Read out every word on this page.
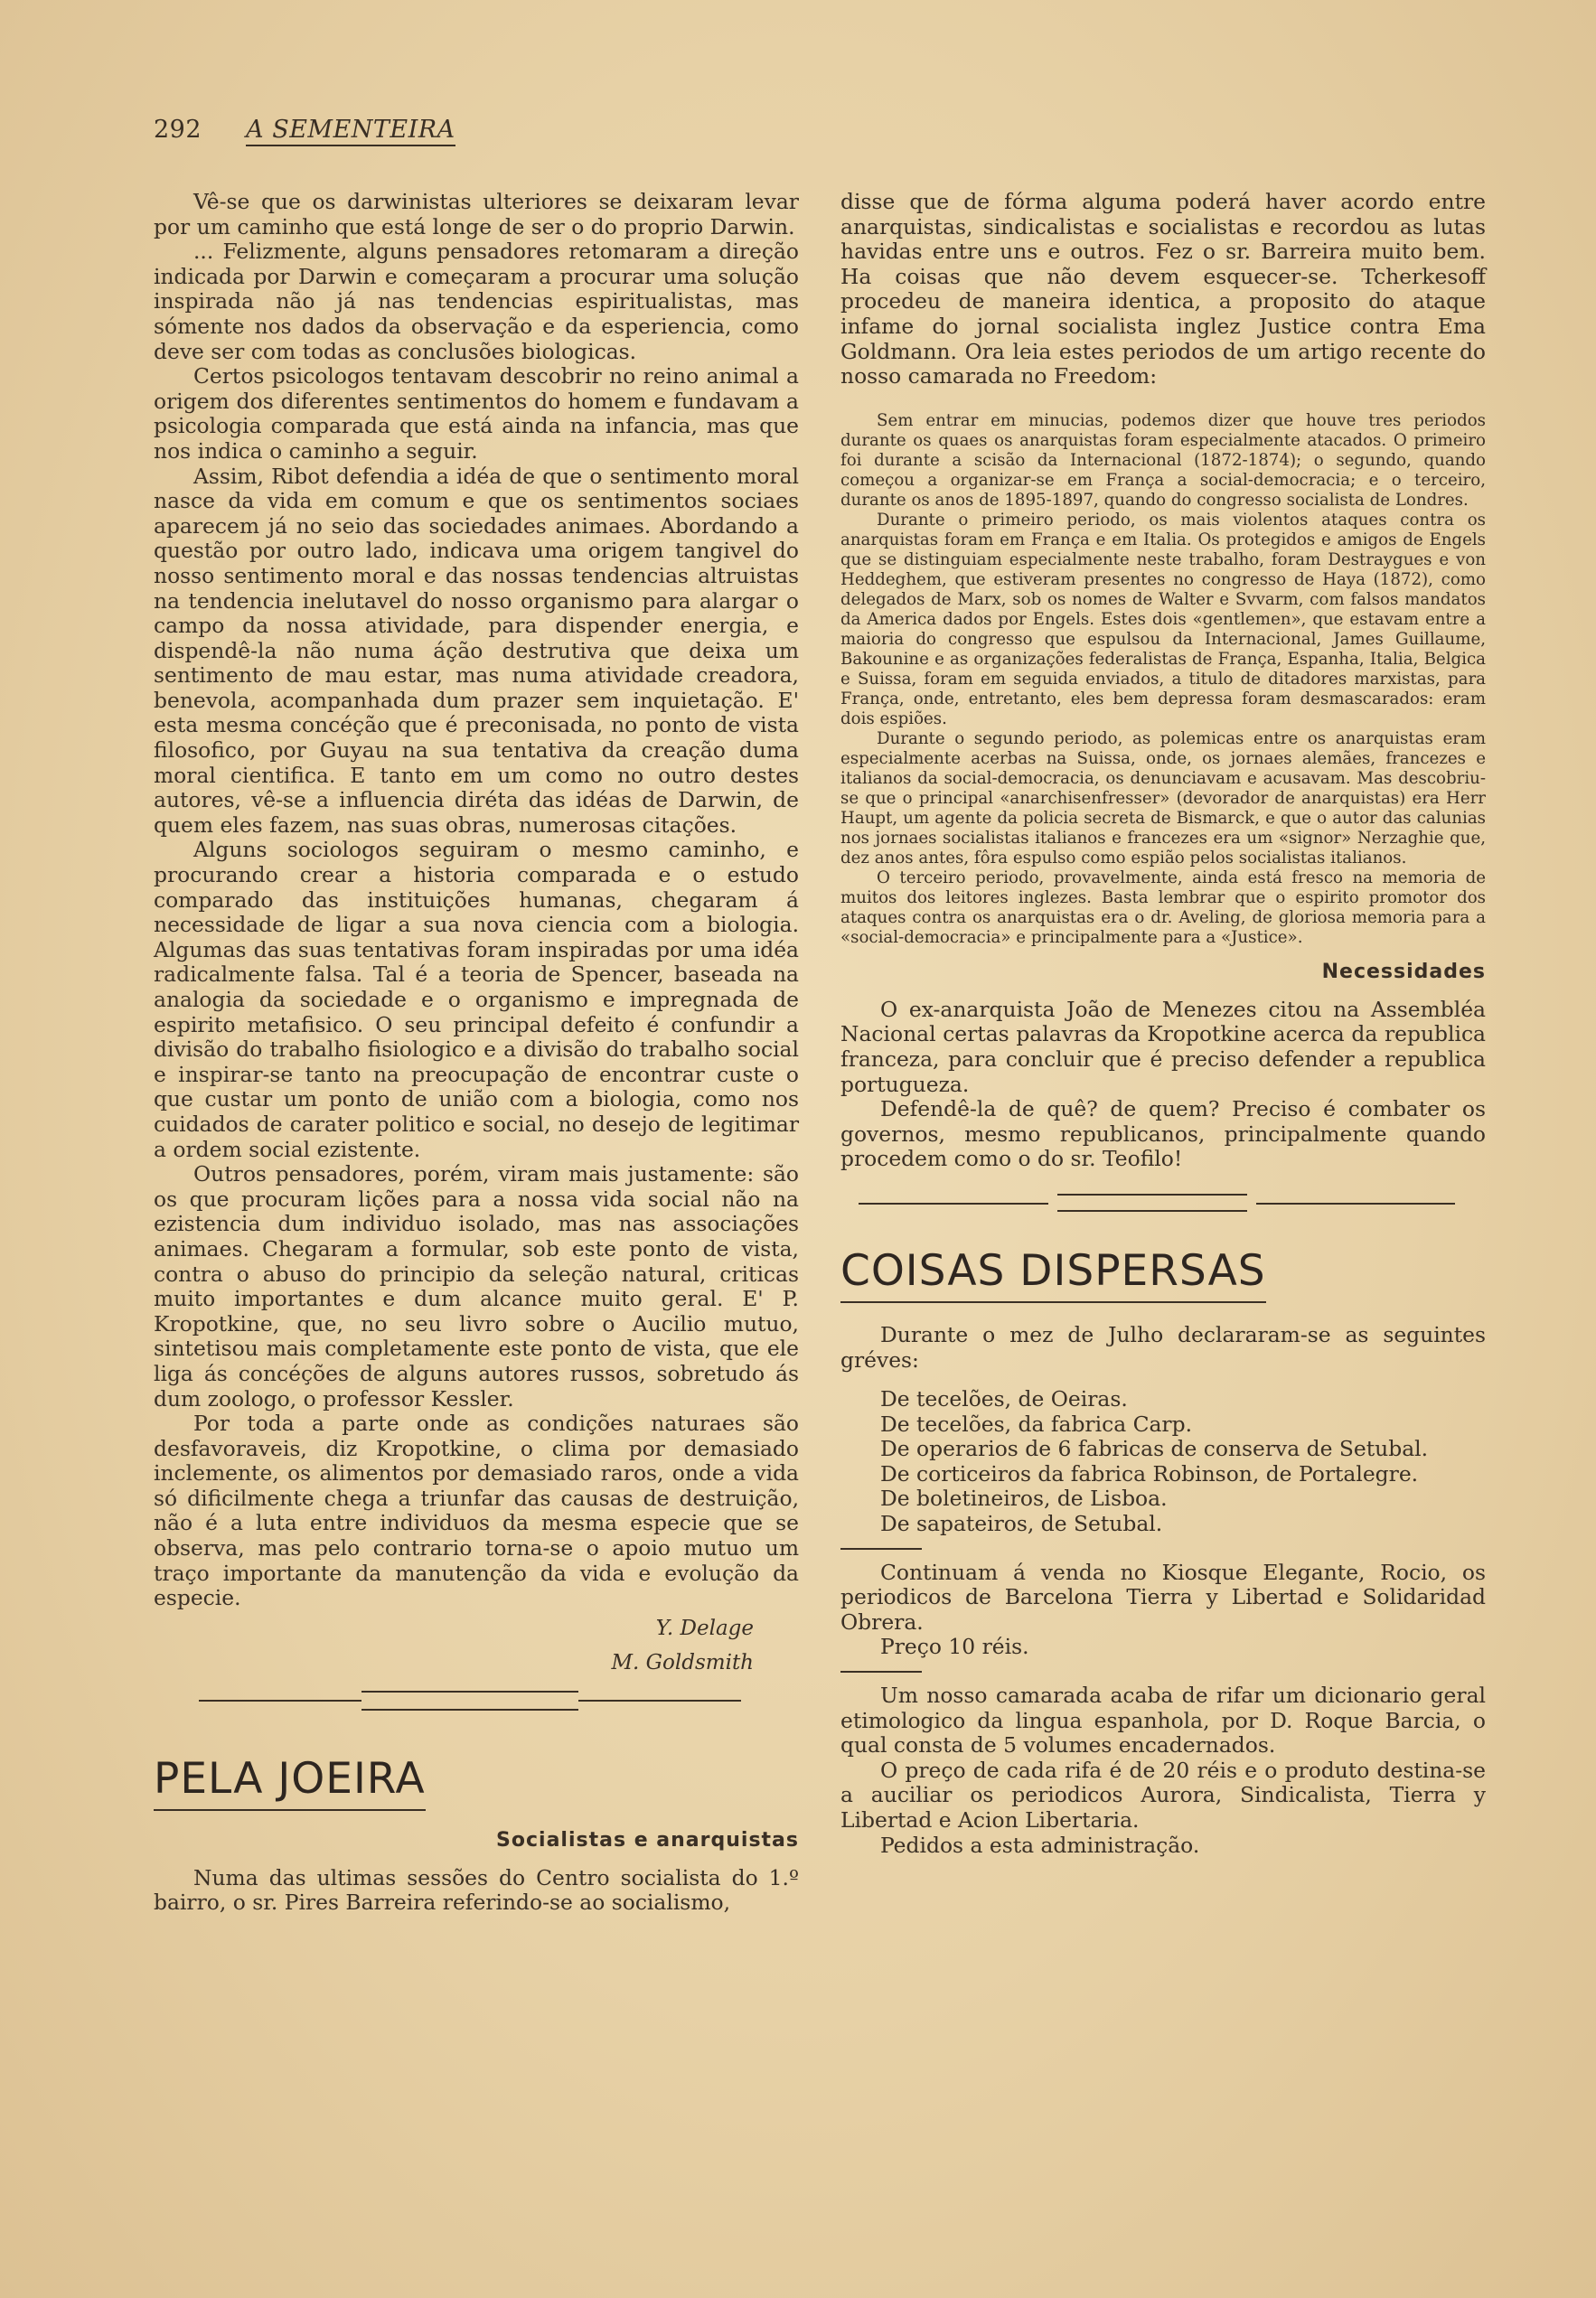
292 A SEMENTEIRA

Vê-se que os darwinistas ulteriores se deixaram levar por um caminho que está longe de ser o do proprio Darwin.

... Felizmente, alguns pensadores retomaram a direção indicada por Darwin e começaram a procurar uma solução inspirada não já nas tendencias espiritualistas, mas sómente nos dados da observação e da esperiencia, como deve ser com todas as conclusões biologicas.

Certos psicologos tentavam descobrir no reino animal a origem dos diferentes sentimentos do homem e fundavam a psicologia comparada que está ainda na infancia, mas que nos indica o caminho a seguir.

Assim, Ribot defendia a idéa de que o sentimento moral nasce da vida em comum e que os sentimentos sociaes aparecem já no seio das sociedades animaes. Abordando a questão por outro lado, indicava uma origem tangivel do nosso sentimento moral e das nossas tendencias altruistas na tendencia inelutavel do nosso organismo para alargar o campo da nossa atividade, para dispender energia, e dispendê-la não numa áção destrutiva que deixa um sentimento de mau estar, mas numa atividade creadora, benevola, acompanhada dum prazer sem inquietação. E' esta mesma concéção que é preconisada, no ponto de vista filosofico, por Guyau na sua tentativa da creação duma moral cientifica. E tanto em um como no outro destes autores, vê-se a influencia diréta das idéas de Darwin, de quem eles fazem, nas suas obras, numerosas citações.

Alguns sociologos seguiram o mesmo caminho, e procurando crear a historia comparada e o estudo comparado das instituições humanas, chegaram á necessidade de ligar a sua nova ciencia com a biologia. Algumas das suas tentativas foram inspiradas por uma idéa radicalmente falsa. Tal é a teoria de Spencer, baseada na analogia da sociedade e o organismo e impregnada de espirito metafisico. O seu principal defeito é confundir a divisão do trabalho fisiologico e a divisão do trabalho social e inspirar-se tanto na preocupação de encontrar custe o que custar um ponto de união com a biologia, como nos cuidados de carater politico e social, no desejo de legitimar a ordem social ezistente.

Outros pensadores, porém, viram mais justamente: são os que procuram lições para a nossa vida social não na ezistencia dum individuo isolado, mas nas associações animaes. Chegaram a formular, sob este ponto de vista, contra o abuso do principio da seleção natural, criticas muito importantes e dum alcance muito geral. E' P. Kropotkine, que, no seu livro sobre o Aucilio mutuo, sintetisou mais completamente este ponto de vista, que ele liga ás concéções de alguns autores russos, sobretudo ás dum zoologo, o professor Kessler.

Por toda a parte onde as condições naturaes são desfavoraveis, diz Kropotkine, o clima por demasiado inclemente, os alimentos por demasiado raros, onde a vida só dificilmente chega a triunfar das causas de destruição, não é a luta entre individuos da mesma especie que se observa, mas pelo contrario torna-se o apoio mutuo um traço importante da manutenção da vida e evolução da especie.

Y. Delage
M. Goldsmith
PELA JOEIRA
Socialistas e anarquistas

Numa das ultimas sessões do Centro socialista do 1.º bairro, o sr. Pires Barreira referindo-se ao socialismo,

disse que de fórma alguma poderá haver acordo entre anarquistas, sindicalistas e socialistas e recordou as lutas havidas entre uns e outros. Fez o sr. Barreira muito bem. Ha coisas que não devem esquecer-se. Tcherkesoff procedeu de maneira identica, a proposito do ataque infame do jornal socialista inglez Justice contra Ema Goldmann. Ora leia estes periodos de um artigo recente do nosso camarada no Freedom:

Sem entrar em minucias, podemos dizer que houve tres periodos durante os quaes os anarquistas foram especialmente atacados. O primeiro foi durante a scisão da Internacional (1872-1874); o segundo, quando começou a organizar-se em França a social-democracia; e o terceiro, durante os anos de 1895-1897, quando do congresso socialista de Londres.

Durante o primeiro periodo, os mais violentos ataques contra os anarquistas foram em França e em Italia. Os protegidos e amigos de Engels que se distinguiam especialmente neste trabalho, foram Destraygues e von Heddeghem, que estiveram presentes no congresso de Haya (1872), como delegados de Marx, sob os nomes de Walter e Svvarm, com falsos mandatos da America dados por Engels. Estes dois «gentlemen», que estavam entre a maioria do congresso que espulsou da Internacional, James Guillaume, Bakounine e as organizações federalistas de França, Espanha, Italia, Belgica e Suissa, foram em seguida enviados, a titulo de ditadores marxistas, para França, onde, entretanto, eles bem depressa foram desmascarados: eram dois espiões.

Durante o segundo periodo, as polemicas entre os anarquistas eram especialmente acerbas na Suissa, onde, os jornaes alemães, francezes e italianos da social-democracia, os denunciavam e acusavam. Mas descobriu-se que o principal «anarchisenfresser» (devorador de anarquistas) era Herr Haupt, um agente da policia secreta de Bismarck, e que o autor das calunias nos jornaes socialistas italianos e francezes era um «signor» Nerzaghie que, dez anos antes, fôra espulso como espião pelos socialistas italianos.

O terceiro periodo, provavelmente, ainda está fresco na memoria de muitos dos leitores inglezes. Basta lembrar que o espirito promotor dos ataques contra os anarquistas era o dr. Aveling, de gloriosa memoria para a «social-democracia» e principalmente para a «Justice».

Necessidades

O ex-anarquista João de Menezes citou na Assembléa Nacional certas palavras da Kropotkine acerca da republica franceza, para concluir que é preciso defender a republica portugueza.

Defendê-la de quê? de quem? Preciso é combater os governos, mesmo republicanos, principalmente quando procedem como o do sr. Teofilo!

COISAS DISPERSAS

Durante o mez de Julho declararam-se as seguintes gréves:

De tecelões, de Oeiras.

De tecelões, da fabrica Carp.

De operarios de 6 fabricas de conserva de Setubal.

De corticeiros da fabrica Robinson, de Portalegre.

De boletineiros, de Lisboa.

De sapateiros, de Setubal.

Continuam á venda no Kiosque Elegante, Rocio, os periodicos de Barcelona Tierra y Libertad e Solidaridad Obrera.

Preço 10 réis.

Um nosso camarada acaba de rifar um dicionario geral etimologico da lingua espanhola, por D. Roque Barcia, o qual consta de 5 volumes encadernados.

O preço de cada rifa é de 20 réis e o produto destina-se a auciliar os periodicos Aurora, Sindicalista, Tierra y Libertad e Acion Libertaria.

Pedidos a esta administração.
